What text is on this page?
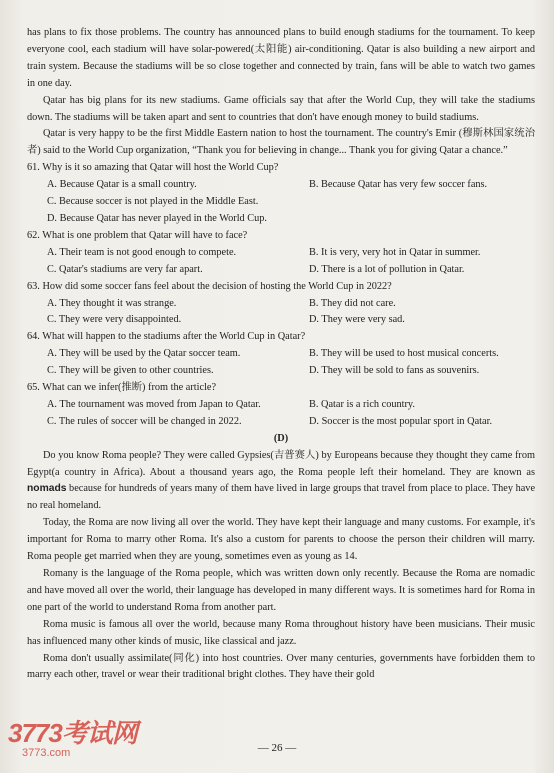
has plans to fix those problems. The country has announced plans to build enough stadiums for the tournament. To keep everyone cool, each stadium will have solar-powered(太阳能) air-conditioning. Qatar is also building a new airport and train system. Because the stadiums will be so close together and connected by train, fans will be able to watch two games in one day.

Qatar has big plans for its new stadiums. Game officials say that after the World Cup, they will take the stadiums down. The stadiums will be taken apart and sent to countries that don't have enough money to build stadiums.

Qatar is very happy to be the first Middle Eastern nation to host the tournament. The country's Emir (穆斯林国家统治者) said to the World Cup organization, “Thank you for believing in change... Thank you for giving Qatar a chance.”

61. Why is it so amazing that Qatar will host the World Cup?

A. Because Qatar is a small country.	B. Because Qatar has very few soccer fans.
C. Because soccer is not played in the Middle East.
D. Because Qatar has never played in the World Cup.

62. What is one problem that Qatar will have to face?

A. Their team is not good enough to compete.	B. It is very, very hot in Qatar in summer.
C. Qatar's stadiums are very far apart.	D. There is a lot of pollution in Qatar.

63. How did some soccer fans feel about the decision of hosting the World Cup in 2022?

A. They thought it was strange.	B. They did not care.
C. They were very disappointed.	D. They were very sad.

64. What will happen to the stadiums after the World Cup in Qatar?

A. They will be used by the Qatar soccer team.	B. They will be used to host musical concerts.
C. They will be given to other countries.	D. They will be sold to fans as souvenirs.

65. What can we infer(推断) from the article?

A. The tournament was moved from Japan to Qatar.	B. Qatar is a rich country.
C. The rules of soccer will be changed in 2022.	D. Soccer is the most popular sport in Qatar.

(D)

Do you know Roma people? They were called Gypsies(吉普赛人) by Europeans because they thought they came from Egypt(a country in Africa). About a thousand years ago, the Roma people left their homeland. They are known as nomads because for hundreds of years many of them have lived in large groups that travel from place to place. They have no real homeland.

Today, the Roma are now living all over the world. They have kept their language and many customs. For example, it's important for Roma to marry other Roma. It's also a custom for parents to choose the person their children will marry. Roma people get married when they are young, sometimes even as young as 14.

Romany is the language of the Roma people, which was written down only recently. Because the Roma are nomadic and have moved all over the world, their language has developed in many different ways. It is sometimes hard for Roma in one part of the world to understand Roma from another part.

Roma music is famous all over the world, because many Roma throughout history have been musicians. Their music has influenced many other kinds of music, like classical and jazz.

Roma don't usually assimilate(同化) into host countries. Over many centuries, governments have forbidden them to marry each other, travel or wear their traditional bright clothes. They have their gold

3773考试网
3773.com	— 26 —
